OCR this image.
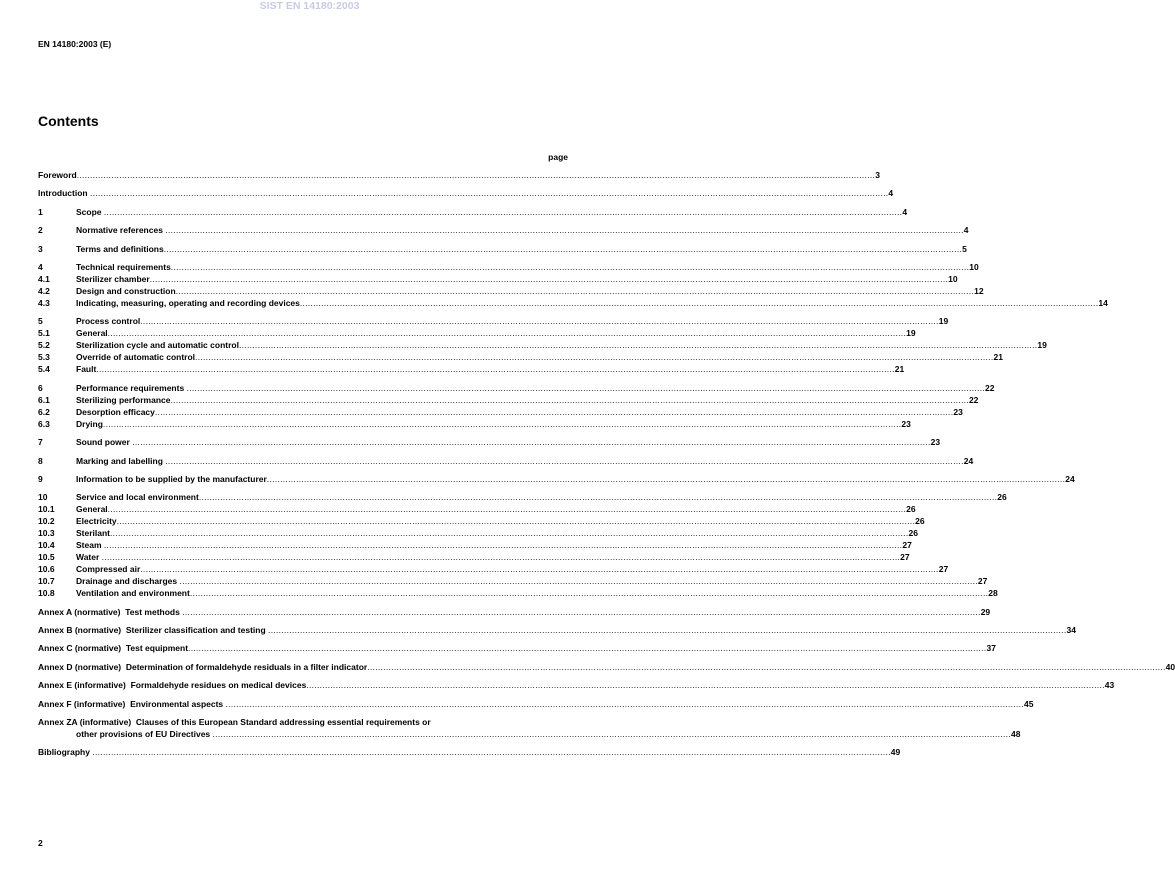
SIST EN 14180:2003
EN 14180:2003 (E)
Contents
page
Foreword ............................................................................................................................................................................................................................................................................................................ 3
Introduction ............................................................................................................................................................................................................................................................................................................ 4
1	Scope ............................................................................................................................................................................................................................................................................................................ 4
2	Normative references ............................................................................................................................................................................................................................................................................................................ 4
3	Terms and definitions ............................................................................................................................................................................................................................................................................................................ 5
4	Technical requirements ............................................................................................................................................................................................................................................................................................................ 10
4.1	Sterilizer chamber ............................................................................................................................................................................................................................................................................................................ 10
4.2	Design and construction ............................................................................................................................................................................................................................................................................................................ 12
4.3	Indicating, measuring, operating and recording devices ............................................................................................................................................................................................................................................................................................................ 14
5	Process control ............................................................................................................................................................................................................................................................................................................ 19
5.1	General ............................................................................................................................................................................................................................................................................................................ 19
5.2	Sterilization cycle and automatic control ............................................................................................................................................................................................................................................................................................................ 19
5.3	Override of automatic control ............................................................................................................................................................................................................................................................................................................ 21
5.4	Fault ............................................................................................................................................................................................................................................................................................................ 21
6	Performance requirements ............................................................................................................................................................................................................................................................................................................ 22
6.1	Sterilizing performance ............................................................................................................................................................................................................................................................................................................ 22
6.2	Desorption efficacy ............................................................................................................................................................................................................................................................................................................ 23
6.3	Drying ............................................................................................................................................................................................................................................................................................................ 23
7	Sound power ............................................................................................................................................................................................................................................................................................................ 23
8	Marking and labelling ............................................................................................................................................................................................................................................................................................................ 24
9	Information to be supplied by the manufacturer ............................................................................................................................................................................................................................................................................................................ 24
10	Service and local environment ............................................................................................................................................................................................................................................................................................................ 26
10.1	General ............................................................................................................................................................................................................................................................................................................ 26
10.2	Electricity ............................................................................................................................................................................................................................................................................................................ 26
10.3	Sterilant ............................................................................................................................................................................................................................................................................................................ 26
10.4	Steam ............................................................................................................................................................................................................................................................................................................ 27
10.5	Water ............................................................................................................................................................................................................................................................................................................ 27
10.6	Compressed air ............................................................................................................................................................................................................................................................................................................ 27
10.7	Drainage and discharges ............................................................................................................................................................................................................................................................................................................ 27
10.8	Ventilation and environment ............................................................................................................................................................................................................................................................................................................ 28
Annex A (normative)  Test methods ............................................................................................................................................................................................................................................................................................................ 29
Annex B (normative)  Sterilizer classification and testing ............................................................................................................................................................................................................................................................................................................ 34
Annex C (normative)  Test equipment ............................................................................................................................................................................................................................................................................................................ 37
Annex D (normative)  Determination of formaldehyde residuals in a filter indicator ............................................................................................................................................................................................................................................................................................................ 40
Annex E (informative)  Formaldehyde residues on medical devices ............................................................................................................................................................................................................................................................................................................ 43
Annex F (informative)  Environmental aspects ............................................................................................................................................................................................................................................................................................................ 45
Annex ZA (informative)  Clauses of this European Standard addressing essential requirements or
other provisions of EU Directives ............................................................................................................................................................................................................................................................................................................ 48
Bibliography ............................................................................................................................................................................................................................................................................................................ 49
2
